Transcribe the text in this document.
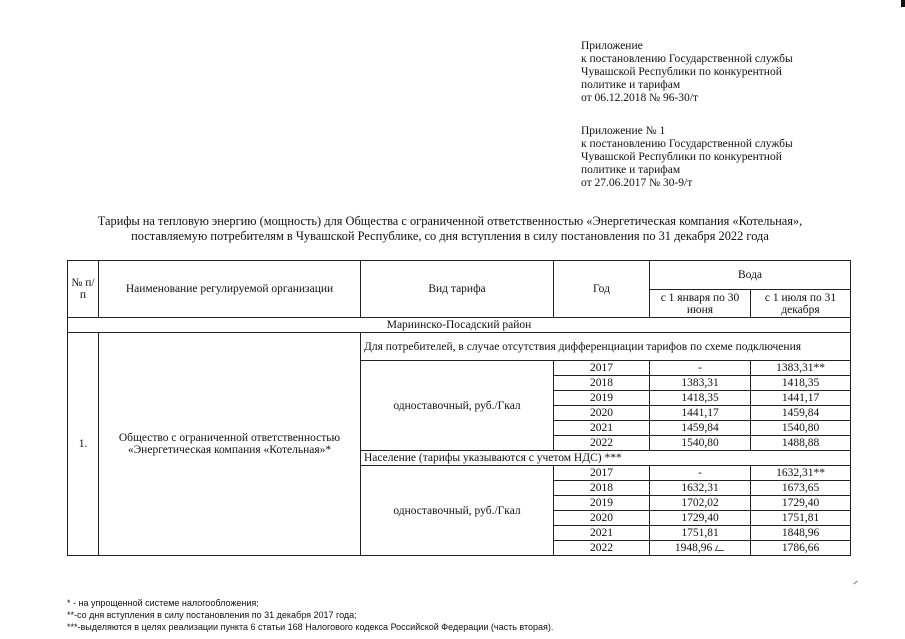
Приложение
к постановлению Государственной службы
Чувашской Республики по конкурентной
политике и тарифам
от 06.12.2018 № 96-30/т
Приложение № 1
к постановлению Государственной службы
Чувашской Республики по конкурентной
политике и тарифам
от 27.06.2017 № 30-9/т
Тарифы на тепловую энергию (мощность) для Общества с ограниченной ответственностью «Энергетическая компания «Котельная»,
поставляемую потребителям в Чувашской Республике, со дня вступления в силу постановления по 31 декабря 2022 года
№ п/п	Наименование регулируемой организации	Вид тарифа	Год	Вода	
				с 1 января по 30 июня	с 1 июля по 31 декабря
Мариинско-Посадский район					
1.	Общество с ограниченной ответственностью «Энергетическая компания «Котельная»*	Для потребителей, в случае отсутствия дифференциации тарифов по схеме подключения			
		одноставочный, руб./Гкал	2017	-	1383,31**
			2018	1383,31	1418,35
			2019	1418,35	1441,17
			2020	1441,17	1459,84
			2021	1459,84	1540,80
			2022	1540,80	1488,88
		Население (тарифы указываются с учетом НДС) ***			
		одноставочный, руб./Гкал	2017	-	1632,31**
			2018	1632,31	1673,65
			2019	1702,02	1729,40
			2020	1729,40	1751,81
			2021	1751,81	1848,96
			2022	1948,96	1786,66
* - на упрощенной системе налогообложения;
**-со дня вступления в силу постановления по 31 декабря 2017 года;
***-выделяются в целях реализации пункта 6 статьи 168 Налогового кодекса Российской Федерации (часть вторая).
